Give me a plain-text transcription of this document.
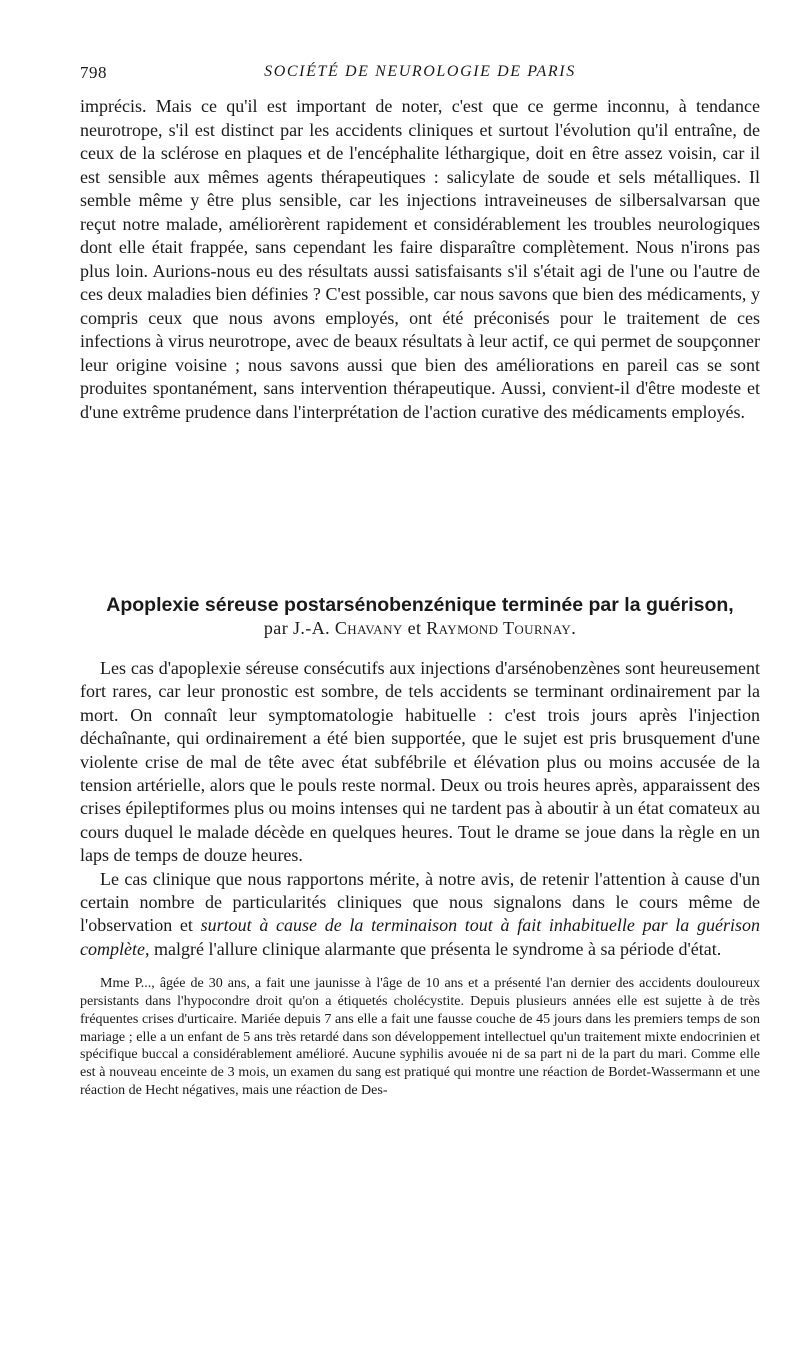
798	SOCIÉTÉ DE NEUROLOGIE DE PARIS

imprécis. Mais ce qu'il est important de noter, c'est que ce germe inconnu, à tendance neurotrope, s'il est distinct par les accidents cliniques et surtout l'évolution qu'il entraîne, de ceux de la sclérose en plaques et de l'encéphalite léthargique, doit en être assez voisin, car il est sensible aux mêmes agents thérapeutiques : salicylate de soude et sels métalliques. Il semble même y être plus sensible, car les injections intraveineuses de silbersalvarsan que reçut notre malade, améliorèrent rapidement et considérablement les troubles neurologiques dont elle était frappée, sans cependant les faire disparaître complètement. Nous n'irons pas plus loin. Aurions-nous eu des résultats aussi satisfaisants s'il s'était agi de l'une ou l'autre de ces deux maladies bien définies ? C'est possible, car nous savons que bien des médicaments, y compris ceux que nous avons employés, ont été préconisés pour le traitement de ces infections à virus neurotrope, avec de beaux résultats à leur actif, ce qui permet de soupçonner leur origine voisine ; nous savons aussi que bien des améliorations en pareil cas se sont produites spontanément, sans intervention thérapeutique. Aussi, convient-il d'être modeste et d'une extrême prudence dans l'interprétation de l'action curative des médicaments employés.

Apoplexie séreuse postarsénobenzénique terminée par la guérison,

par J.-A. Chavany et Raymond Tournay.

Les cas d'apoplexie séreuse consécutifs aux injections d'arsénobenzènes sont heureusement fort rares, car leur pronostic est sombre, de tels accidents se terminant ordinairement par la mort. On connaît leur symptomatologie habituelle : c'est trois jours après l'injection déchaînante, qui ordinairement a été bien supportée, que le sujet est pris brusquement d'une violente crise de mal de tête avec état subfébrile et élévation plus ou moins accusée de la tension artérielle, alors que le pouls reste normal. Deux ou trois heures après, apparaissent des crises épileptiformes plus ou moins intenses qui ne tardent pas à aboutir à un état comateux au cours duquel le malade décède en quelques heures. Tout le drame se joue dans la règle en un laps de temps de douze heures.

Le cas clinique que nous rapportons mérite, à notre avis, de retenir l'attention à cause d'un certain nombre de particularités cliniques que nous signalons dans le cours même de l'observation et surtout à cause de la terminaison tout à fait inhabituelle par la guérison complète, malgré l'allure clinique alarmante que présenta le syndrome à sa période d'état.

Mme P..., âgée de 30 ans, a fait une jaunisse à l'âge de 10 ans et a présenté l'an dernier des accidents douloureux persistants dans l'hypocondre droit qu'on a étiquetés cholécystite. Depuis plusieurs années elle est sujette à de très fréquentes crises d'urticaire. Mariée depuis 7 ans elle a fait une fausse couche de 45 jours dans les premiers temps de son mariage ; elle a un enfant de 5 ans très retardé dans son développement intellectuel qu'un traitement mixte endocrinien et spécifique buccal a considérablement amélioré. Aucune syphilis avouée ni de sa part ni de la part du mari. Comme elle est à nouveau enceinte de 3 mois, un examen du sang est pratiqué qui montre une réaction de Bordet-Wassermann et une réaction de Hecht négatives, mais une réaction de Des-
